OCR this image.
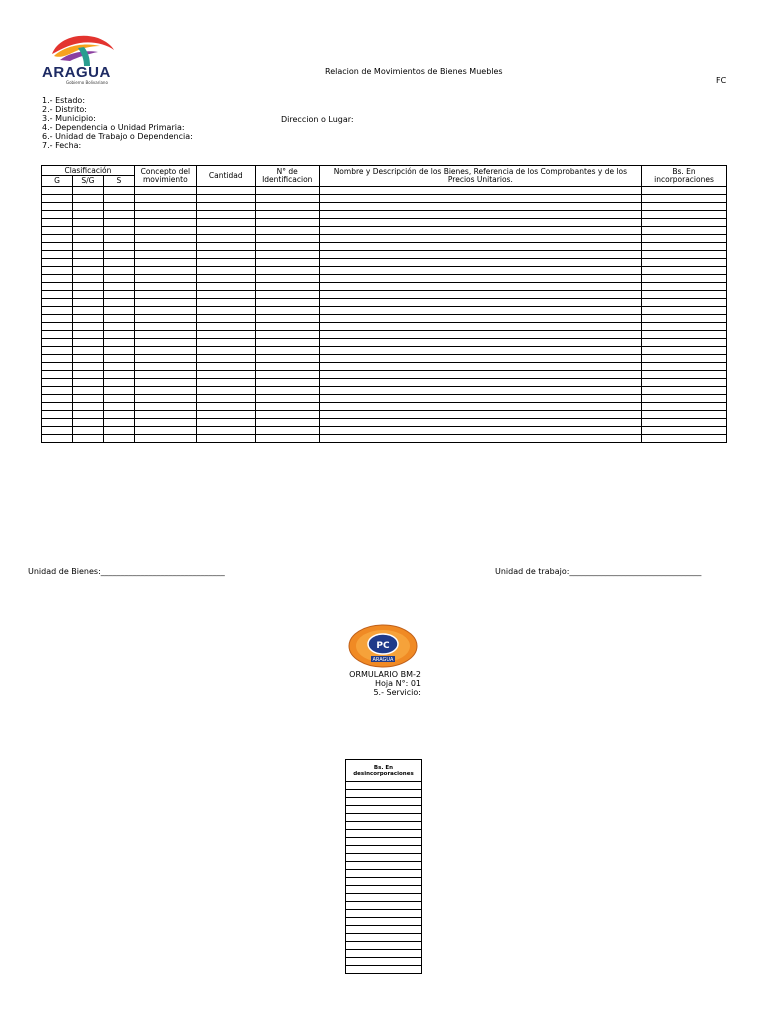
ARAGUA
Gobierno Bolivariano
Relacion de Movimientos de Bienes Muebles
FC
1.- Estado:
2.- Distrito:
3.- Municipio:
4.- Dependencia o Unidad Primaria:
6.- Unidad de Trabajo o Dependencia:
7.- Fecha:
Direccion o Lugar:
Clasificación			Concepto del movimiento	Cantidad	N° de Identificacion	Nombre y Descripción de los Bienes, Referencia de los Comprobantes y de los Precios Unitarios.	Bs. En incorporaciones
G	S/G	S					

Unidad de Bienes:_______________________________	Unidad de trabajo:_________________________________
ARAGUA
PC
ORMULARIO BM-2
Hoja N°: 01
5.- Servicio:
Bs. En desincorporaciones
